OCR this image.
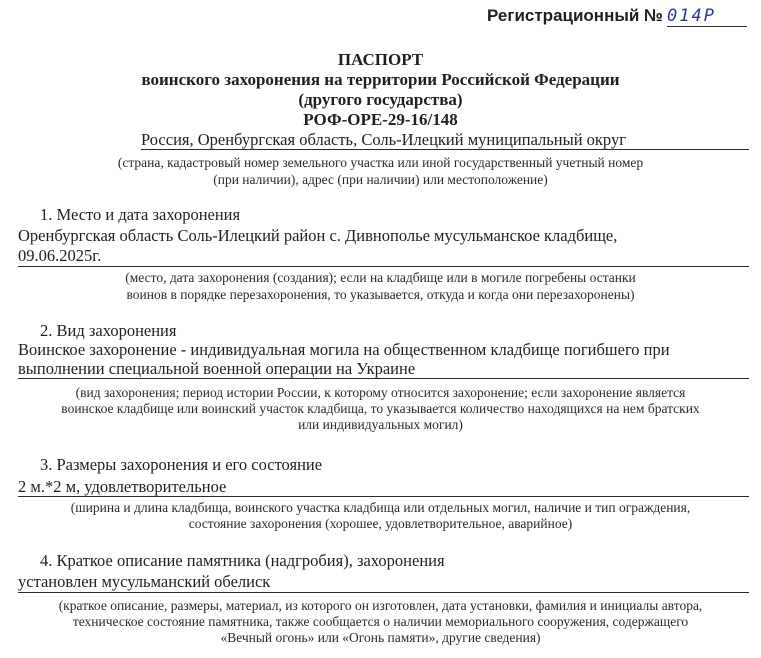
Регистрационный № 014Р
ПАСПОРТ
воинского захоронения на территории Российской Федерации
(другого государства)
РОФ-ОРЕ-29-16/148
Россия, Оренбургская область, Соль-Илецкий муниципальный округ
(страна, кадастровый номер земельного участка или иной государственный учетный номер
(при наличии), адрес (при наличии) или местоположение)
1. Место и дата захоронения
Оренбургская область Соль-Илецкий район с. Дивнополье мусульманское кладбище,
09.06.2025г.
(место, дата захоронения (создания); если на кладбище или в могиле погребены останки
воинов в порядке перезахоронения, то указывается, откуда и когда они перезахоронены)
2. Вид захоронения
Воинское захоронение - индивидуальная могила на общественном кладбище погибшего при
выполнении специальной военной операции на Украине
(вид захоронения; период истории России, к которому относится захоронение; если захоронение является
воинское кладбище или воинский участок кладбища, то указывается количество находящихся на нем братских
или индивидуальных могил)
3. Размеры захоронения и его состояние
2 м.*2 м, удовлетворительное
(ширина и длина кладбища, воинского участка кладбища или отдельных могил, наличие и тип ограждения,
состояние захоронения (хорошее, удовлетворительное, аварийное)
4. Краткое описание памятника (надгробия), захоронения
установлен мусульманский обелиск
(краткое описание, размеры, материал, из которого он изготовлен, дата установки, фамилия и инициалы автора,
техническое состояние памятника, также сообщается о наличии мемориального сооружения, содержащего
«Вечный огонь» или «Огонь памяти», другие сведения)
